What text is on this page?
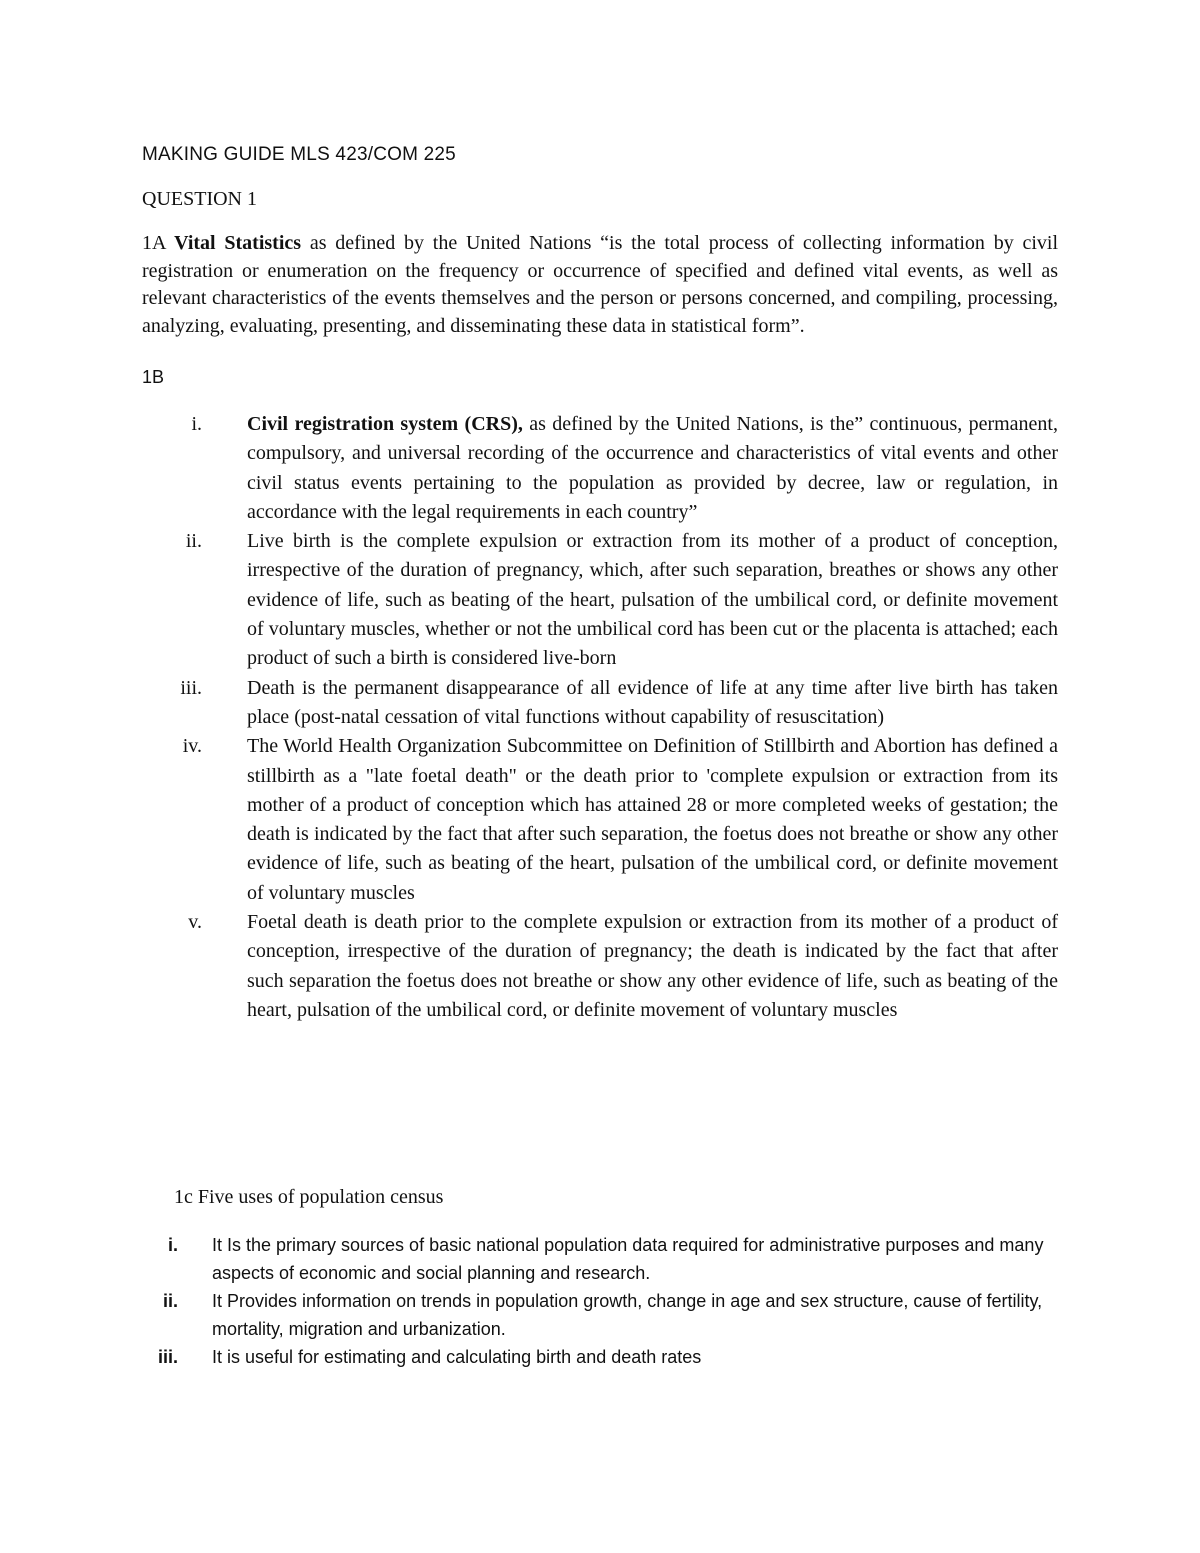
MAKING GUIDE MLS 423/COM 225
QUESTION 1

1A Vital Statistics as defined by the United Nations “is the total process of collecting information by civil registration or enumeration on the frequency or occurrence of specified and defined vital events, as well as relevant characteristics of the events themselves and the person or persons concerned, and compiling, processing, analyzing, evaluating, presenting, and disseminating these data in statistical form”.

1B
i. Civil registration system (CRS), as defined by the United Nations, is the” continuous, permanent, compulsory, and universal recording of the occurrence and characteristics of vital events and other civil status events pertaining to the population as provided by decree, law or regulation, in accordance with the legal requirements in each country”
ii. Live birth is the complete expulsion or extraction from its mother of a product of conception, irrespective of the duration of pregnancy, which, after such separation, breathes or shows any other evidence of life, such as beating of the heart, pulsation of the umbilical cord, or definite movement of voluntary muscles, whether or not the umbilical cord has been cut or the placenta is attached; each product of such a birth is considered live-born
iii. Death is the permanent disappearance of all evidence of life at any time after live birth has taken place (post-natal cessation of vital functions without capability of resuscitation)
iv. The World Health Organization Subcommittee on Definition of Stillbirth and Abortion has defined a stillbirth as a "late foetal death" or the death prior to 'complete expulsion or extraction from its mother of a product of conception which has attained 28 or more completed weeks of gestation; the death is indicated by the fact that after such separation, the foetus does not breathe or show any other evidence of life, such as beating of the heart, pulsation of the umbilical cord, or definite movement of voluntary muscles
v. Foetal death is death prior to the complete expulsion or extraction from its mother of a product of conception, irrespective of the duration of pregnancy; the death is indicated by the fact that after such separation the foetus does not breathe or show any other evidence of life, such as beating of the heart, pulsation of the umbilical cord, or definite movement of voluntary muscles
1c Five uses of population census
i. It Is the primary sources of basic national population data required for administrative purposes and many aspects of economic and social planning and research.
ii. It Provides information on trends in population growth, change in age and sex structure, cause of fertility, mortality, migration and urbanization.
iii. It is useful for estimating and calculating birth and death rates
